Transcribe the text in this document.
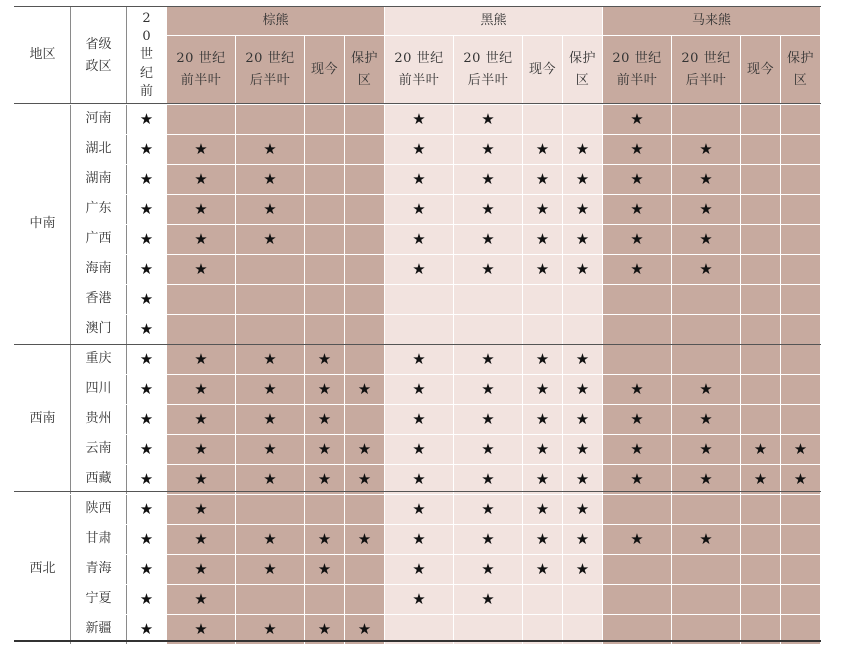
地区	省级政区	20世纪前	棕熊				黑熊				马来熊			

			20 世纪前半叶	20 世纪后半叶	现今	保护区	20 世纪前半叶	20 世纪后半叶	现今	保护区	20 世纪前半叶	20 世纪后半叶	现今	保护区

中南	河南	★					★	★			★			
	湖北	★	★	★			★	★	★	★	★	★		
	湖南	★	★	★			★	★	★	★	★	★		
	广东	★	★	★			★	★	★	★	★	★		
	广西	★	★	★			★	★	★	★	★	★		
	海南	★	★				★	★	★	★	★	★		
	香港	★												
	澳门	★												
西南	重庆	★	★	★	★		★	★	★	★				
	四川	★	★	★	★	★	★	★	★	★	★	★		
	贵州	★	★	★	★		★	★	★	★	★	★		
	云南	★	★	★	★	★	★	★	★	★	★	★	★	★
	西藏	★	★	★	★	★	★	★	★	★	★	★	★	★
西北	陕西	★	★				★	★	★	★				
	甘肃	★	★	★	★	★	★	★	★	★	★	★		
	青海	★	★	★	★		★	★	★	★				
	宁夏	★	★				★	★						
	新疆	★	★	★	★	★								
